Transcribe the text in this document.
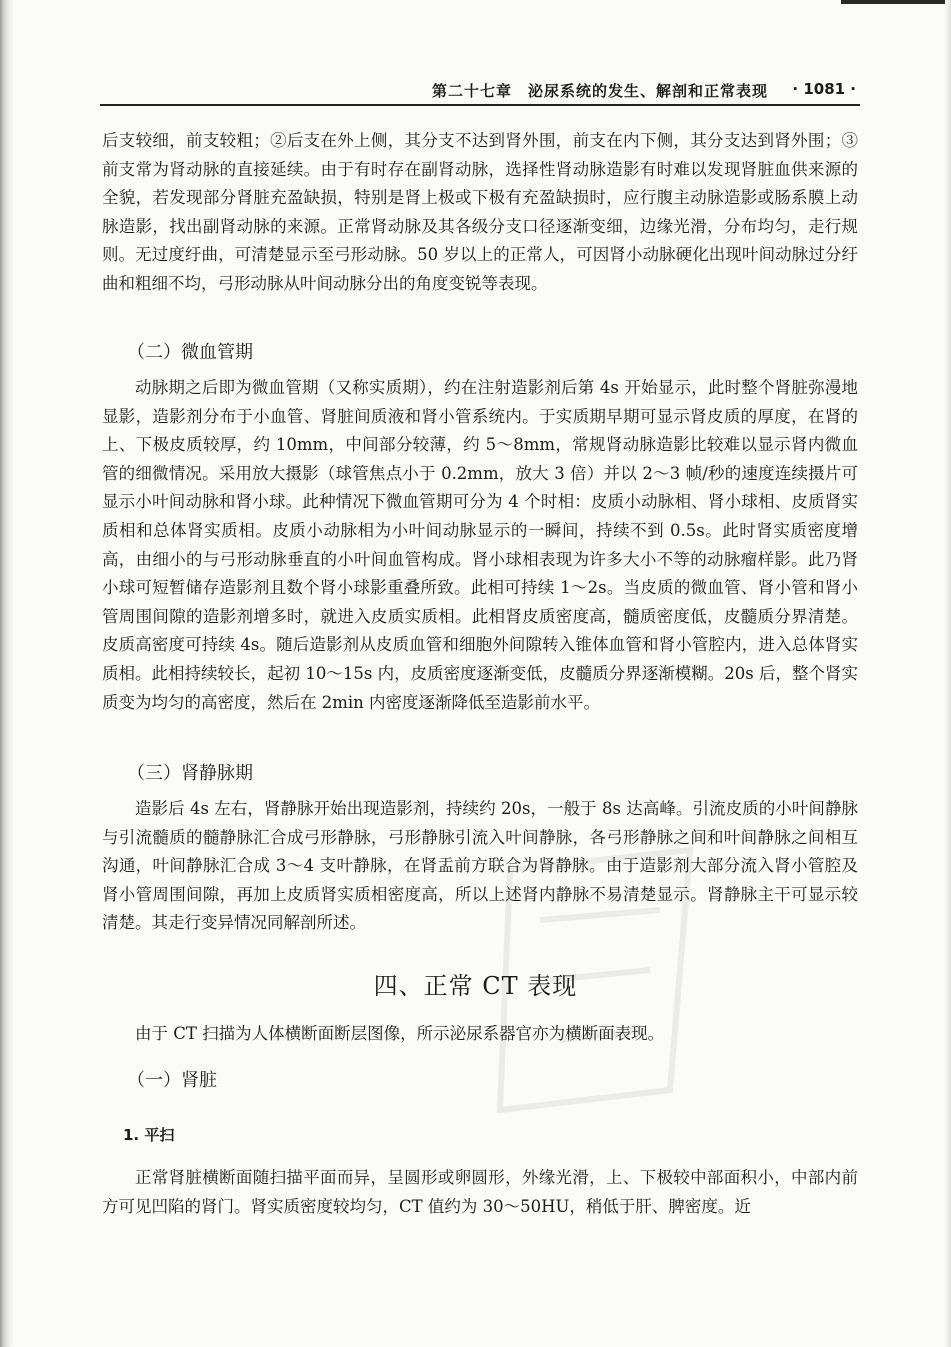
第二十七章　泌尿系统的发生、解剖和正常表现 · 1081 ·

后支较细，前支较粗；②后支在外上侧，其分支不达到肾外围，前支在内下侧，其分支达到肾外围；③前支常为肾动脉的直接延续。由于有时存在副肾动脉，选择性肾动脉造影有时难以发现肾脏血供来源的全貌，若发现部分肾脏充盈缺损，特别是肾上极或下极有充盈缺损时，应行腹主动脉造影或肠系膜上动脉造影，找出副肾动脉的来源。正常肾动脉及其各级分支口径逐渐变细，边缘光滑，分布均匀，走行规则。无过度纡曲，可清楚显示至弓形动脉。50 岁以上的正常人，可因肾小动脉硬化出现叶间动脉过分纡曲和粗细不均，弓形动脉从叶间动脉分出的角度变锐等表现。

（二）微血管期

动脉期之后即为微血管期（又称实质期），约在注射造影剂后第 4s 开始显示，此时整个肾脏弥漫地显影，造影剂分布于小血管、肾脏间质液和肾小管系统内。于实质期早期可显示肾皮质的厚度，在肾的上、下极皮质较厚，约 10mm，中间部分较薄，约 5～8mm，常规肾动脉造影比较难以显示肾内微血管的细微情况。采用放大摄影（球管焦点小于 0.2mm，放大 3 倍）并以 2～3 帧/秒的速度连续摄片可显示小叶间动脉和肾小球。此种情况下微血管期可分为 4 个时相：皮质小动脉相、肾小球相、皮质肾实质相和总体肾实质相。皮质小动脉相为小叶间动脉显示的一瞬间，持续不到 0.5s。此时肾实质密度增高，由细小的与弓形动脉垂直的小叶间血管构成。肾小球相表现为许多大小不等的动脉瘤样影。此乃肾小球可短暂储存造影剂且数个肾小球影重叠所致。此相可持续 1～2s。当皮质的微血管、肾小管和肾小管周围间隙的造影剂增多时，就进入皮质实质相。此相肾皮质密度高，髓质密度低，皮髓质分界清楚。皮质高密度可持续 4s。随后造影剂从皮质血管和细胞外间隙转入锥体血管和肾小管腔内，进入总体肾实质相。此相持续较长，起初 10～15s 内，皮质密度逐渐变低，皮髓质分界逐渐模糊。20s 后，整个肾实质变为均匀的高密度，然后在 2min 内密度逐渐降低至造影前水平。

（三）肾静脉期

造影后 4s 左右，肾静脉开始出现造影剂，持续约 20s，一般于 8s 达高峰。引流皮质的小叶间静脉与引流髓质的髓静脉汇合成弓形静脉，弓形静脉引流入叶间静脉，各弓形静脉之间和叶间静脉之间相互沟通，叶间静脉汇合成 3～4 支叶静脉，在肾盂前方联合为肾静脉。由于造影剂大部分流入肾小管腔及肾小管周围间隙，再加上皮质肾实质相密度高，所以上述肾内静脉不易清楚显示。肾静脉主干可显示较清楚。其走行变异情况同解剖所述。

四、正常 CT 表现

由于 CT 扫描为人体横断面断层图像，所示泌尿系器官亦为横断面表现。

（一）肾脏
1. 平扫

正常肾脏横断面随扫描平面而异，呈圆形或卵圆形，外缘光滑，上、下极较中部面积小，中部内前方可见凹陷的肾门。肾实质密度较均匀，CT 值约为 30～50HU，稍低于肝、脾密度。近
